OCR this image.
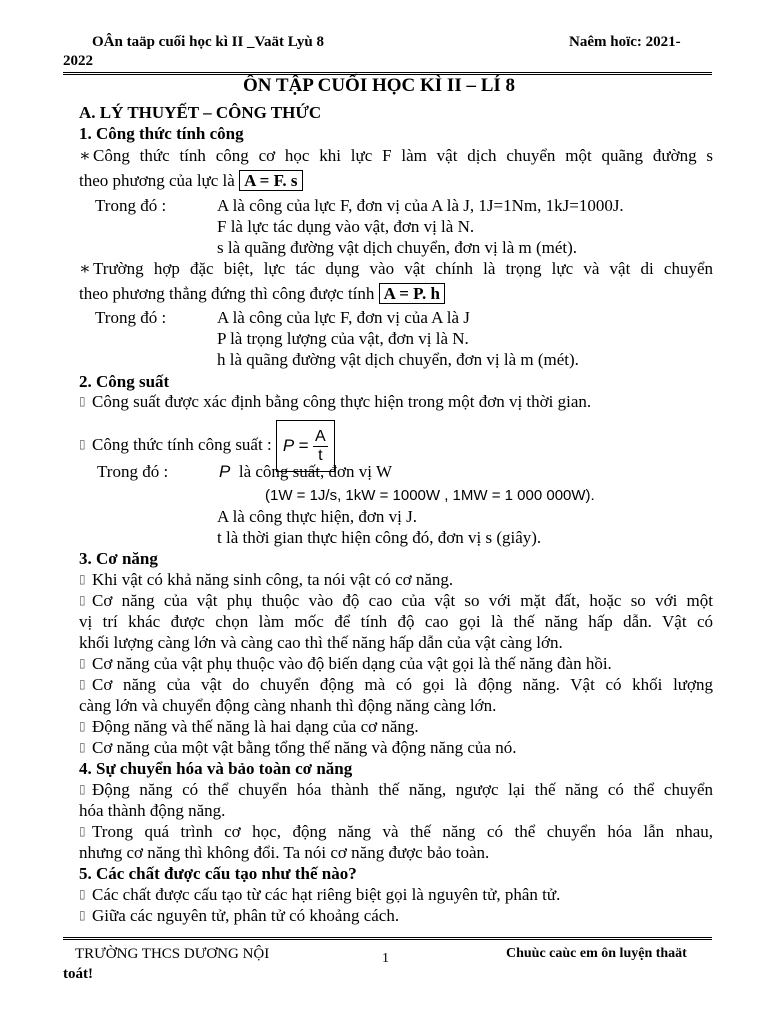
OÂn taäp cuối học kì II _Vaät Lyù 8	Naêm hoïc: 2021-
2022
ÔN TẬP CUỐI HỌC KÌ II – LÍ 8
A. LÝ THUYẾT – CÔNG THỨC
1. Công thức tính công
∗ Công thức tính công cơ học khi lực F làm vật dịch chuyển một quãng đường s
theo phương của lực là A = F. s
Trong đó :	A là công của lực F, đơn vị của A là J, 1J=1Nm, 1kJ=1000J.
F là lực tác dụng vào vật, đơn vị là N.
s là quãng đường vật dịch chuyển, đơn vị là m (mét).
∗ Trường hợp đặc biệt, lực tác dụng vào vật chính là trọng lực và vật di chuyển
theo phương thẳng đứng thì công được tính A = P. h
Trong đó :	A là công của lực F, đơn vị của A là J
P là trọng lượng của vật, đơn vị là N.
h là quãng đường vật dịch chuyển, đơn vị là m (mét).
2. Công suất
▯ Công suất được xác định bằng công thực hiện trong một đơn vị thời gian.
▯ Công thức tính công suất : $P = \frac{A}{t}$
Trong đó :	P là công suất, đơn vị W
(1W = 1J/s, 1kW = 1000W , 1MW = 1 000 000W).
A là công thực hiện, đơn vị J.
t là thời gian thực hiện công đó, đơn vị s (giây).
3. Cơ năng
▯ Khi vật có khả năng sinh công, ta nói vật có cơ năng.
▯ Cơ năng của vật phụ thuộc vào độ cao của vật so với mặt đất, hoặc so với một
vị trí khác được chọn làm mốc để tính độ cao gọi là thế năng hấp dẫn. Vật có
khối lượng càng lớn và càng cao thì thế năng hấp dẫn của vật càng lớn.
▯ Cơ năng của vật phụ thuộc vào độ biến dạng của vật gọi là thế năng đàn hồi.
▯ Cơ năng của vật do chuyển động mà có gọi là động năng. Vật có khối lượng
càng lớn và chuyển động càng nhanh thì động năng càng lớn.
▯ Động năng và thế năng là hai dạng của cơ năng.
▯ Cơ năng của một vật bằng tổng thế năng và động năng của nó.
4. Sự chuyển hóa và bảo toàn cơ năng
▯ Động năng có thể chuyển hóa thành thế năng, ngược lại thế năng có thể chuyển
hóa thành động năng.
▯ Trong quá trình cơ học, động năng và thế năng có thể chuyển hóa lẫn nhau,
nhưng cơ năng thì không đổi. Ta nói cơ năng được bảo toàn.
5. Các chất được cấu tạo như thế nào?
▯ Các chất được cấu tạo từ các hạt riêng biệt gọi là nguyên tử, phân tử.
▯ Giữa các nguyên tử, phân tử có khoảng cách.
TRƯỜNG THCS DƯƠNG NỘI
toát!
1	Chuùc caùc em ôn luyện thaät
